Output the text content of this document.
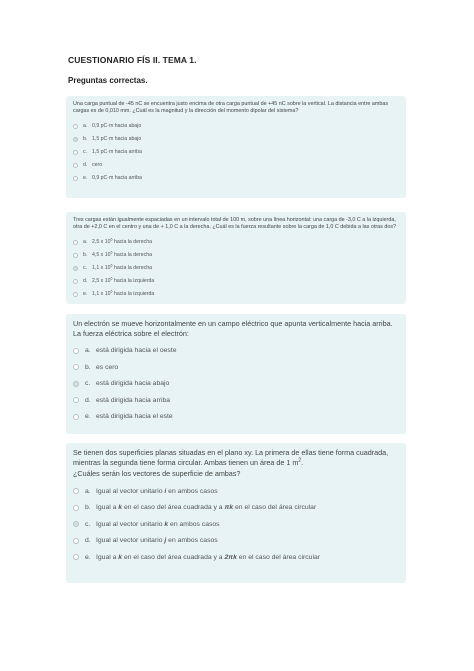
CUESTIONARIO FÍS II. TEMA 1.
Preguntas correctas.
Una carga puntual de -45 nC se encuentra justo encima de otra carga puntual de +45 nC sobre la vertical. La distancia entre ambas cargas es de 0,010 mm. ¿Cuál es la magnitud y la dirección del momento dipolar del sistema?
a. 0,9 pC·m hacia abajo
b. 1,5 pC·m hacia abajo
c. 1,5 pC·m hacia arriba
d. cero
e. 0,9 pC·m hacia arriba
Tres cargas están igualmente espaciadas en un intervalo total de 100 m, sobre una línea horizontal: una carga de -3,0 C a la izquierda, otra de +2,0 C en el centro y una de + 1,0 C a la derecha. ¿Cuál es la fuerza resultante sobre la carga de 1,0 C debida a las otras dos?
a. 2,5 x $10^6$ hacia la derecha
b. 4,5 x $10^6$ hacia la derecha
c. 1,1 x $10^6$ hacia la derecha
d. 2,5 x $10^6$ hacia la izquierda
e. 1,1 x $10^6$ hacia la izquierda
Un electrón se mueve horizontalmente en un campo eléctrico que apunta verticalmente hacia arriba. La fuerza eléctrica sobre el electrón:
a. está dirigida hacia el oeste
b. es cero
c. está dirigida hacia abajo
d. está dirigida hacia arriba
e. está dirigida hacia el este
Se tienen dos superficies planas situadas en el plano xy. La primera de ellas tiene forma cuadrada, mientras la segunda tiene forma circular. Ambas tienen un área de 1 $m^2$.
¿Cuáles serán los vectores de superficie de ambas?
a. Igual al vector unitario i en ambos casos
b. Igual a k en el caso del área cuadrada y a πk en el caso del área circular
c. Igual al vector unitario k en ambos casos
d. Igual al vector unitario j en ambos casos
e. Igual a k en el caso del área cuadrada y a 2πk en el caso del área circular
